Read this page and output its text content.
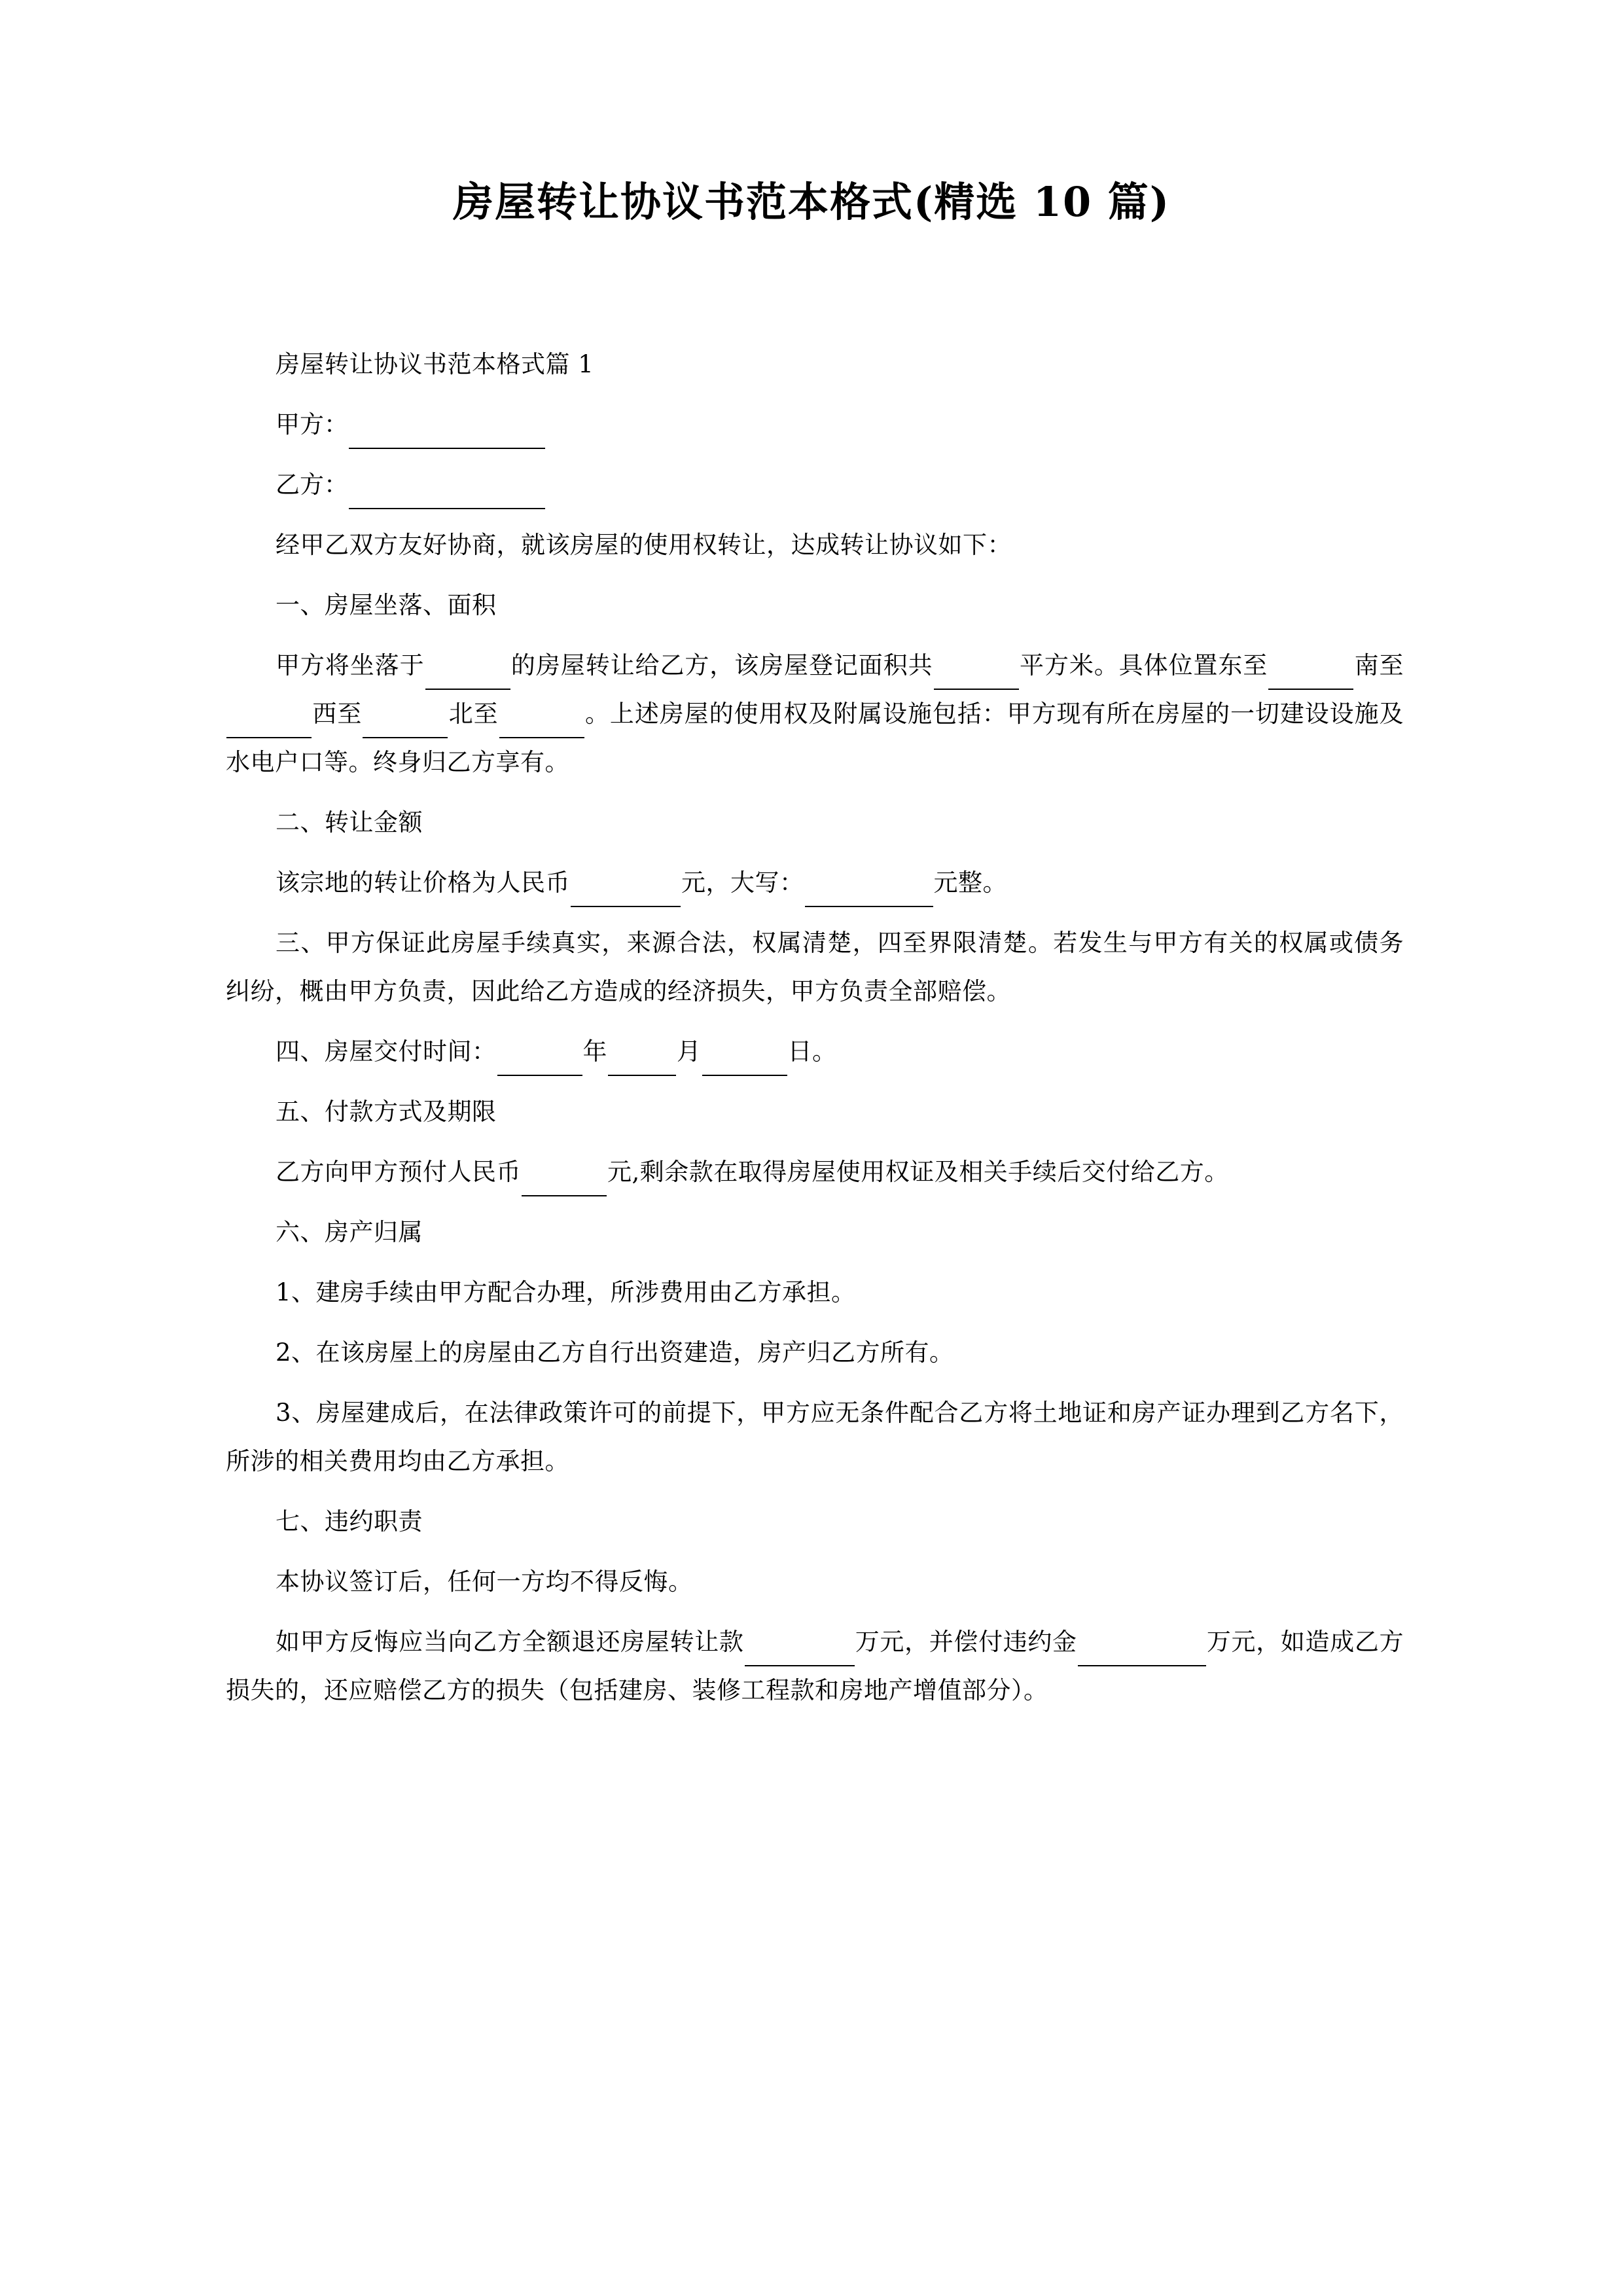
房屋转让协议书范本格式(精选 10 篇)

房屋转让协议书范本格式篇 1

甲方：

乙方：

经甲乙双方友好协商，就该房屋的使用权转让，达成转让协议如下：

一、房屋坐落、面积

甲方将坐落于	的房屋转让给乙方，该房屋登记面积共	平方米。具体位置东至	南至西至	北至	。上述房屋的使用权及附属设施包括：甲方现有所在房屋的一切建设设施及水电户口等。终身归乙方享有。

二、转让金额

该宗地的转让价格为人民币	元，大写：	元整。

三、甲方保证此房屋手续真实，来源合法，权属清楚，四至界限清楚。若发生与甲方有关的权属或债务纠纷，概由甲方负责，因此给乙方造成的经济损失，甲方负责全部赔偿。

四、房屋交付时间：	年	月	日。

五、付款方式及期限

乙方向甲方预付人民币	元,剩余款在取得房屋使用权证及相关手续后交付给乙方。

六、房产归属

1、建房手续由甲方配合办理，所涉费用由乙方承担。

2、在该房屋上的房屋由乙方自行出资建造，房产归乙方所有。

3、房屋建成后，在法律政策许可的前提下，甲方应无条件配合乙方将土地证和房产证办理到乙方名下，所涉的相关费用均由乙方承担。

七、违约职责

本协议签订后，任何一方均不得反悔。

如甲方反悔应当向乙方全额退还房屋转让款	万元，并偿付违约金	万元，如造成乙方损失的，还应赔偿乙方的损失（包括建房、装修工程款和房地产增值部分）。
